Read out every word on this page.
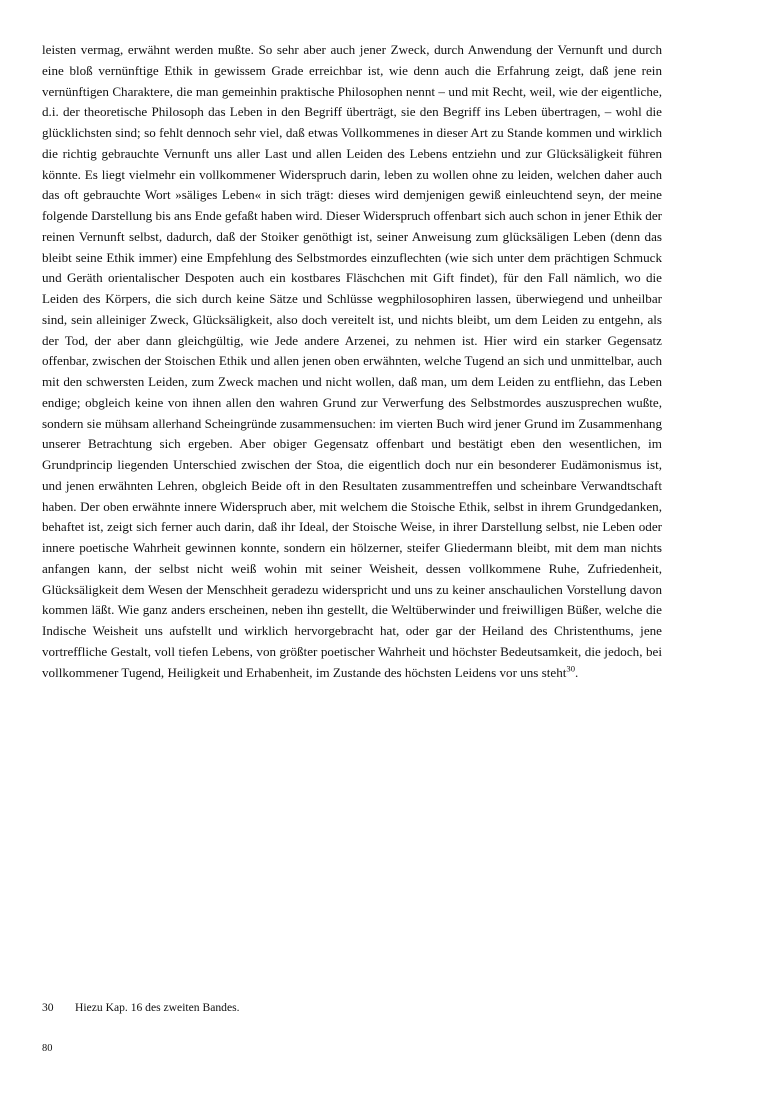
leisten vermag, erwähnt werden mußte. So sehr aber auch jener Zweck, durch Anwendung der Vernunft und durch eine bloß vernünftige Ethik in gewissem Grade erreichbar ist, wie denn auch die Erfahrung zeigt, daß jene rein vernünftigen Charaktere, die man gemeinhin praktische Philosophen nennt – und mit Recht, weil, wie der eigentliche, d.i. der theoretische Philosoph das Leben in den Begriff überträgt, sie den Begriff ins Leben übertragen, – wohl die glücklichsten sind; so fehlt dennoch sehr viel, daß etwas Vollkommenes in dieser Art zu Stande kommen und wirklich die richtig gebrauchte Vernunft uns aller Last und allen Leiden des Lebens entziehn und zur Glücksäligkeit führen könnte. Es liegt vielmehr ein vollkommener Widerspruch darin, leben zu wollen ohne zu leiden, welchen daher auch das oft gebrauchte Wort »säliges Leben« in sich trägt: dieses wird demjenigen gewiß einleuchtend seyn, der meine folgende Darstellung bis ans Ende gefaßt haben wird. Dieser Widerspruch offenbart sich auch schon in jener Ethik der reinen Vernunft selbst, dadurch, daß der Stoiker genöthigt ist, seiner Anweisung zum glücksäligen Leben (denn das bleibt seine Ethik immer) eine Empfehlung des Selbstmordes einzuflechten (wie sich unter dem prächtigen Schmuck und Geräth orientalischer Despoten auch ein kostbares Fläschchen mit Gift findet), für den Fall nämlich, wo die Leiden des Körpers, die sich durch keine Sätze und Schlüsse wegphilosophiren lassen, überwiegend und unheilbar sind, sein alleiniger Zweck, Glücksäligkeit, also doch vereitelt ist, und nichts bleibt, um dem Leiden zu entgehn, als der Tod, der aber dann gleichgültig, wie Jede andere Arzenei, zu nehmen ist. Hier wird ein starker Gegensatz offenbar, zwischen der Stoischen Ethik und allen jenen oben erwähnten, welche Tugend an sich und unmittelbar, auch mit den schwersten Leiden, zum Zweck machen und nicht wollen, daß man, um dem Leiden zu entfliehn, das Leben endige; obgleich keine von ihnen allen den wahren Grund zur Verwerfung des Selbstmordes auszusprechen wußte, sondern sie mühsam allerhand Scheingründe zusammensuchen: im vierten Buch wird jener Grund im Zusammenhang unserer Betrachtung sich ergeben. Aber obiger Gegensatz offenbart und bestätigt eben den wesentlichen, im Grundprincip liegenden Unterschied zwischen der Stoa, die eigentlich doch nur ein besonderer Eudämonismus ist, und jenen erwähnten Lehren, obgleich Beide oft in den Resultaten zusammentreffen und scheinbare Verwandtschaft haben. Der oben erwähnte innere Widerspruch aber, mit welchem die Stoische Ethik, selbst in ihrem Grundgedanken, behaftet ist, zeigt sich ferner auch darin, daß ihr Ideal, der Stoische Weise, in ihrer Darstellung selbst, nie Leben oder innere poetische Wahrheit gewinnen konnte, sondern ein hölzerner, steifer Gliedermann bleibt, mit dem man nichts anfangen kann, der selbst nicht weiß wohin mit seiner Weisheit, dessen vollkommene Ruhe, Zufriedenheit, Glücksäligkeit dem Wesen der Menschheit geradezu widerspricht und uns zu keiner anschaulichen Vorstellung davon kommen läßt. Wie ganz anders erscheinen, neben ihn gestellt, die Weltüberwinder und freiwilligen Büßer, welche die Indische Weisheit uns aufstellt und wirklich hervorgebracht hat, oder gar der Heiland des Christenthums, jene vortreffliche Gestalt, voll tiefen Lebens, von größter poetischer Wahrheit und höchster Bedeutsamkeit, die jedoch, bei vollkommener Tugend, Heiligkeit und Erhabenheit, im Zustande des höchsten Leidens vor uns steht$^{30}$.

30	Hiezu Kap. 16 des zweiten Bandes.
80
